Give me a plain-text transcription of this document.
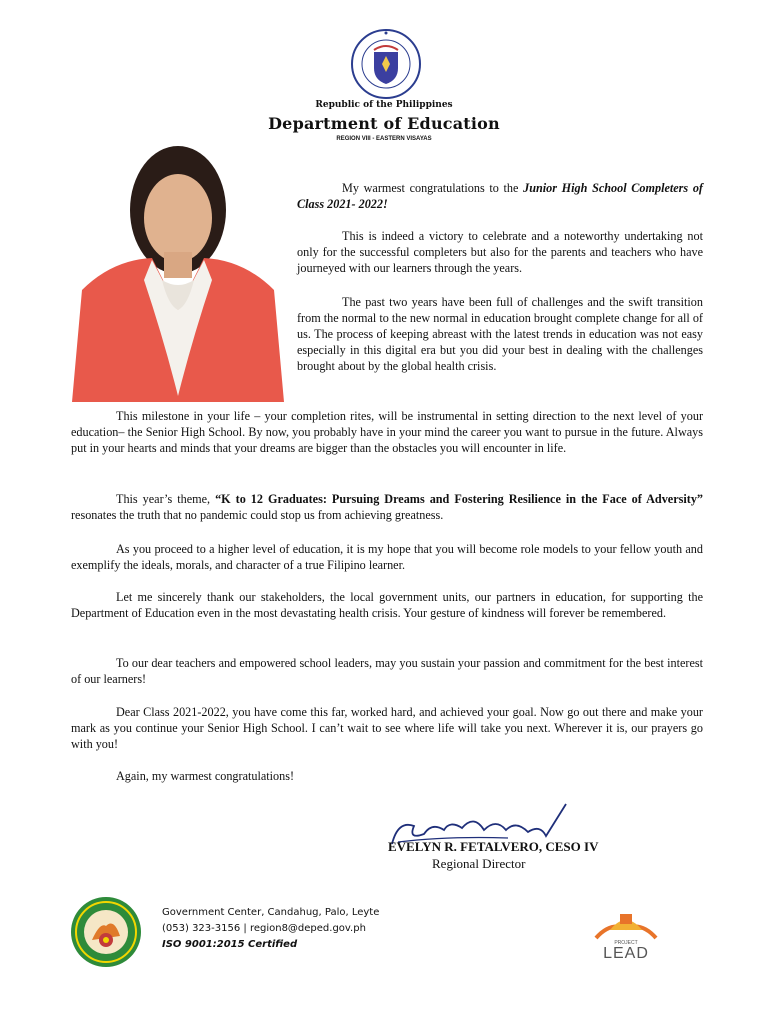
Republic of the Philippines
Department of Education
REGION VIII - EASTERN VISAYAS

My warmest congratulations to the Junior High School Completers of Class 2021- 2022!

This is indeed a victory to celebrate and a noteworthy undertaking not only for the successful completers but also for the parents and teachers who have journeyed with our learners through the years.

The past two years have been full of challenges and the swift transition from the normal to the new normal in education brought complete change for all of us. The process of keeping abreast with the latest trends in education was not easy especially in this digital era but you did your best in dealing with the challenges brought about by the global health crisis.

This milestone in your life – your completion rites, will be instrumental in setting direction to the next level of your education– the Senior High School. By now, you probably have in your mind the career you want to pursue in the future. Always put in your hearts and minds that your dreams are bigger than the obstacles you will encounter in life.

This year’s theme, “K to 12 Graduates: Pursuing Dreams and Fostering Resilience in the Face of Adversity” resonates the truth that no pandemic could stop us from achieving greatness.

As you proceed to a higher level of education, it is my hope that you will become role models to your fellow youth and exemplify the ideals, morals, and character of a true Filipino learner.

Let me sincerely thank our stakeholders, the local government units, our partners in education, for supporting the Department of Education even in the most devastating health crisis. Your gesture of kindness will forever be remembered.

To our dear teachers and empowered school leaders, may you sustain your passion and commitment for the best interest of our learners!

Dear Class 2021-2022, you have come this far, worked hard, and achieved your goal. Now go out there and make your mark as you continue your Senior High School. I can’t wait to see where life will take you next. Wherever it is, our prayers go with you!

Again, my warmest congratulations!

EVELYN R. FETALVERO, CESO IV
Regional Director
Government Center, Candahug, Palo, Leyte
(053) 323-3156 | region8@deped.gov.ph
ISO 9001:2015 Certified	PROJECT
LEAD
